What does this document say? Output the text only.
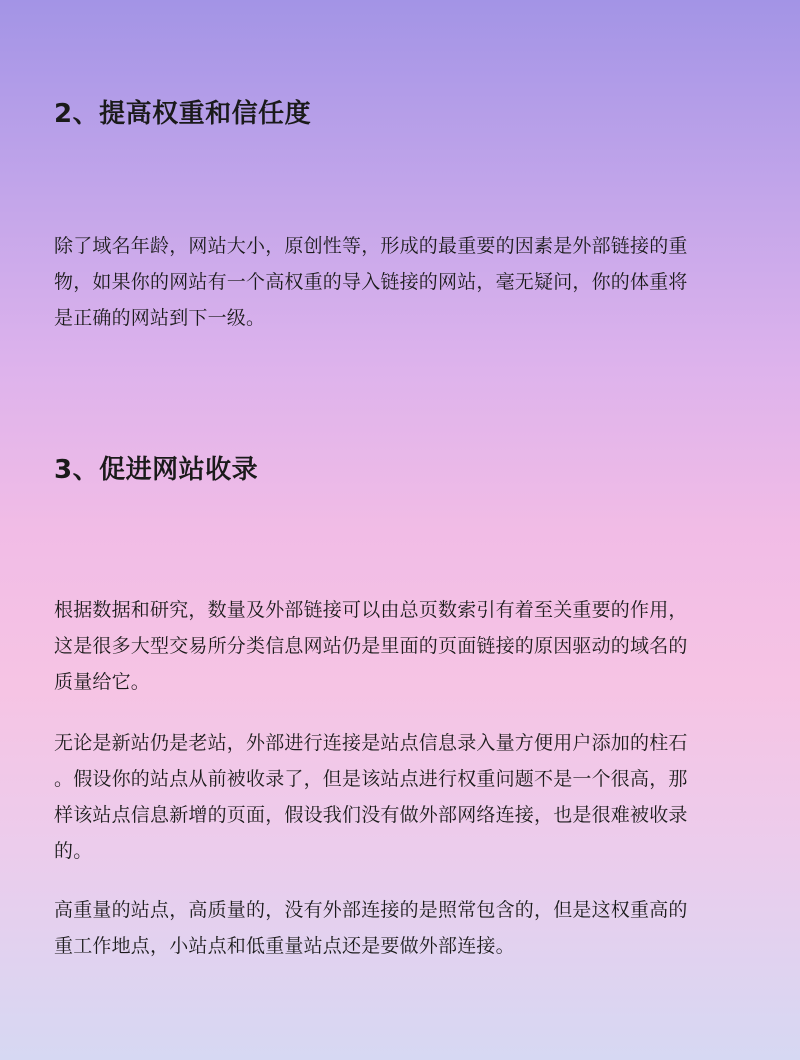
2、提高权重和信任度
除了域名年龄，网站大小，原创性等，形成的最重要的因素是外部链接的重
物，如果你的网站有一个高权重的导入链接的网站，毫无疑问，你的体重将
是正确的网站到下一级。
3、促进网站收录
根据数据和研究，数量及外部链接可以由总页数索引有着至关重要的作用，
这是很多大型交易所分类信息网站仍是里面的页面链接的原因驱动的域名的
质量给它。
无论是新站仍是老站，外部进行连接是站点信息录入量方便用户添加的柱石
。假设你的站点从前被收录了，但是该站点进行权重问题不是一个很高，那
样该站点信息新增的页面，假设我们没有做外部网络连接，也是很难被收录
的。
高重量的站点，高质量的，没有外部连接的是照常包含的，但是这权重高的
重工作地点，小站点和低重量站点还是要做外部连接。
